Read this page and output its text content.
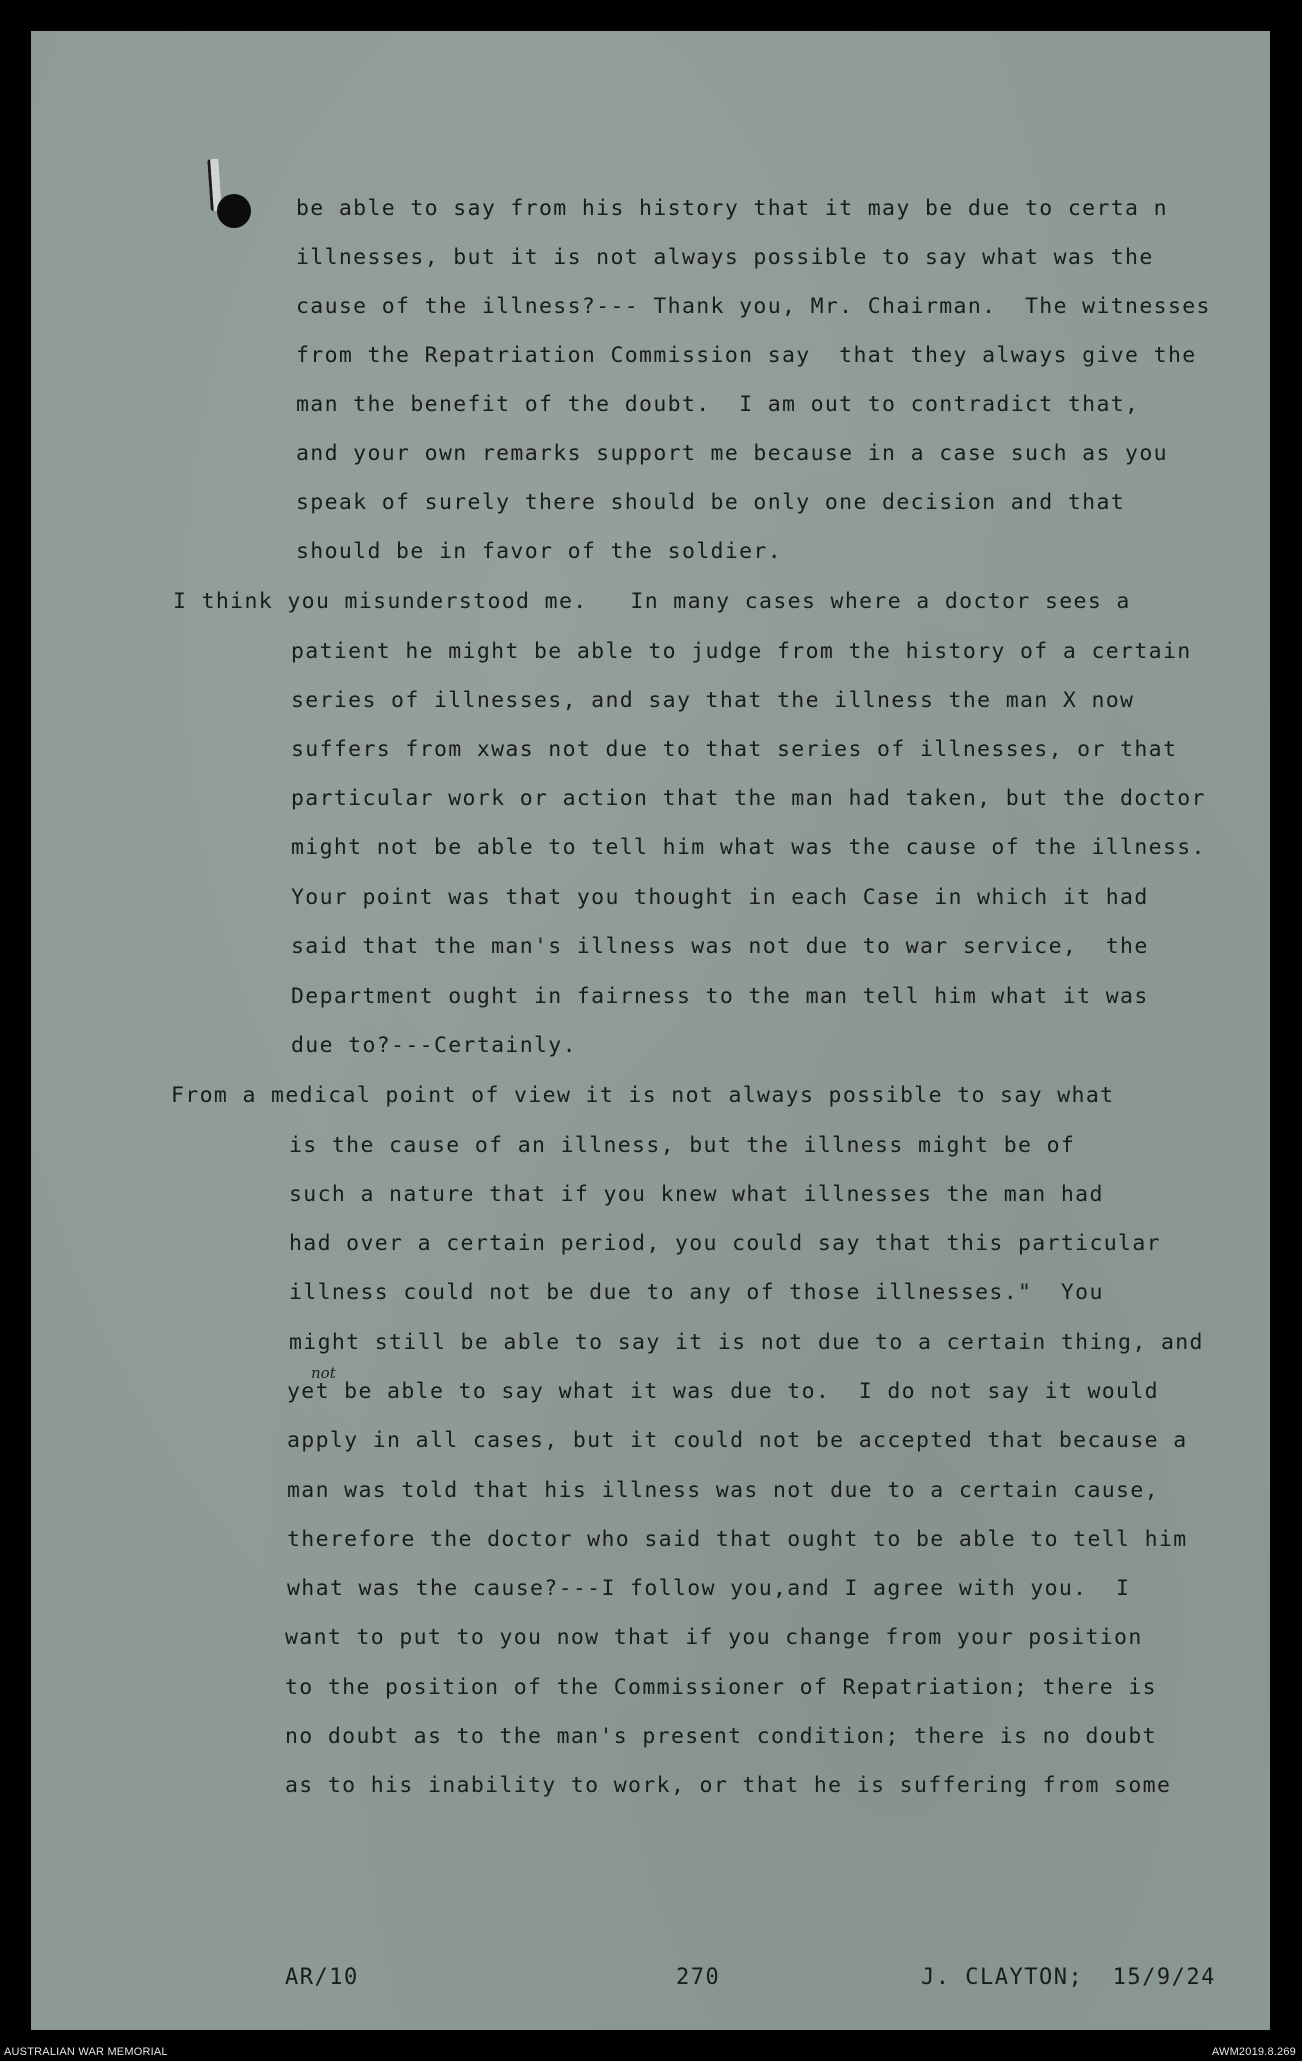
be able to say from his history that it may be due to certa n

illnesses, but it is not always possible to say what was the

cause of the illness?--- Thank you, Mr. Chairman.  The witnesses

from the Repatriation Commission say  that they always give the

man the benefit of the doubt.  I am out to contradict that,

and your own remarks support me because in a case such as you

speak of surely there should be only one decision and that

should be in favor of the soldier.

I think you misunderstood me.   In many cases where a doctor sees a

patient he might be able to judge from the history of a certain

series of illnesses, and say that the illness the man X now

suffers from xwas not due to that series of illnesses, or that

particular work or action that the man had taken, but the doctor

might not be able to tell him what was the cause of the illness.

Your point was that you thought in each Case in which it had

said that the man's illness was not due to war service,  the

Department ought in fairness to the man tell him what it was

due to?---Certainly.

From a medical point of view it is not always possible to say what

is the cause of an illness, but the illness might be of

such a nature that if you knew what illnesses the man had

had over a certain period, you could say that this particular

illness could not be due to any of those illnesses."  You

might still be able to say it is not due to a certain thing, and

yet be able to say what it was due to.  I do not say it would

apply in all cases, but it could not be accepted that because a

man was told that his illness was not due to a certain cause,

therefore the doctor who said that ought to be able to tell him

what was the cause?---I follow you,and I agree with you.  I

want to put to you now that if you change from your position

to the position of the Commissioner of Repatriation; there is

no doubt as to the man's present condition; there is no doubt

as to his inability to work, or that he is suffering from some

not
AR/10	270	J. CLAYTON;  15/9/24
AUSTRALIAN WAR MEMORIAL	AWM2019.8.269
